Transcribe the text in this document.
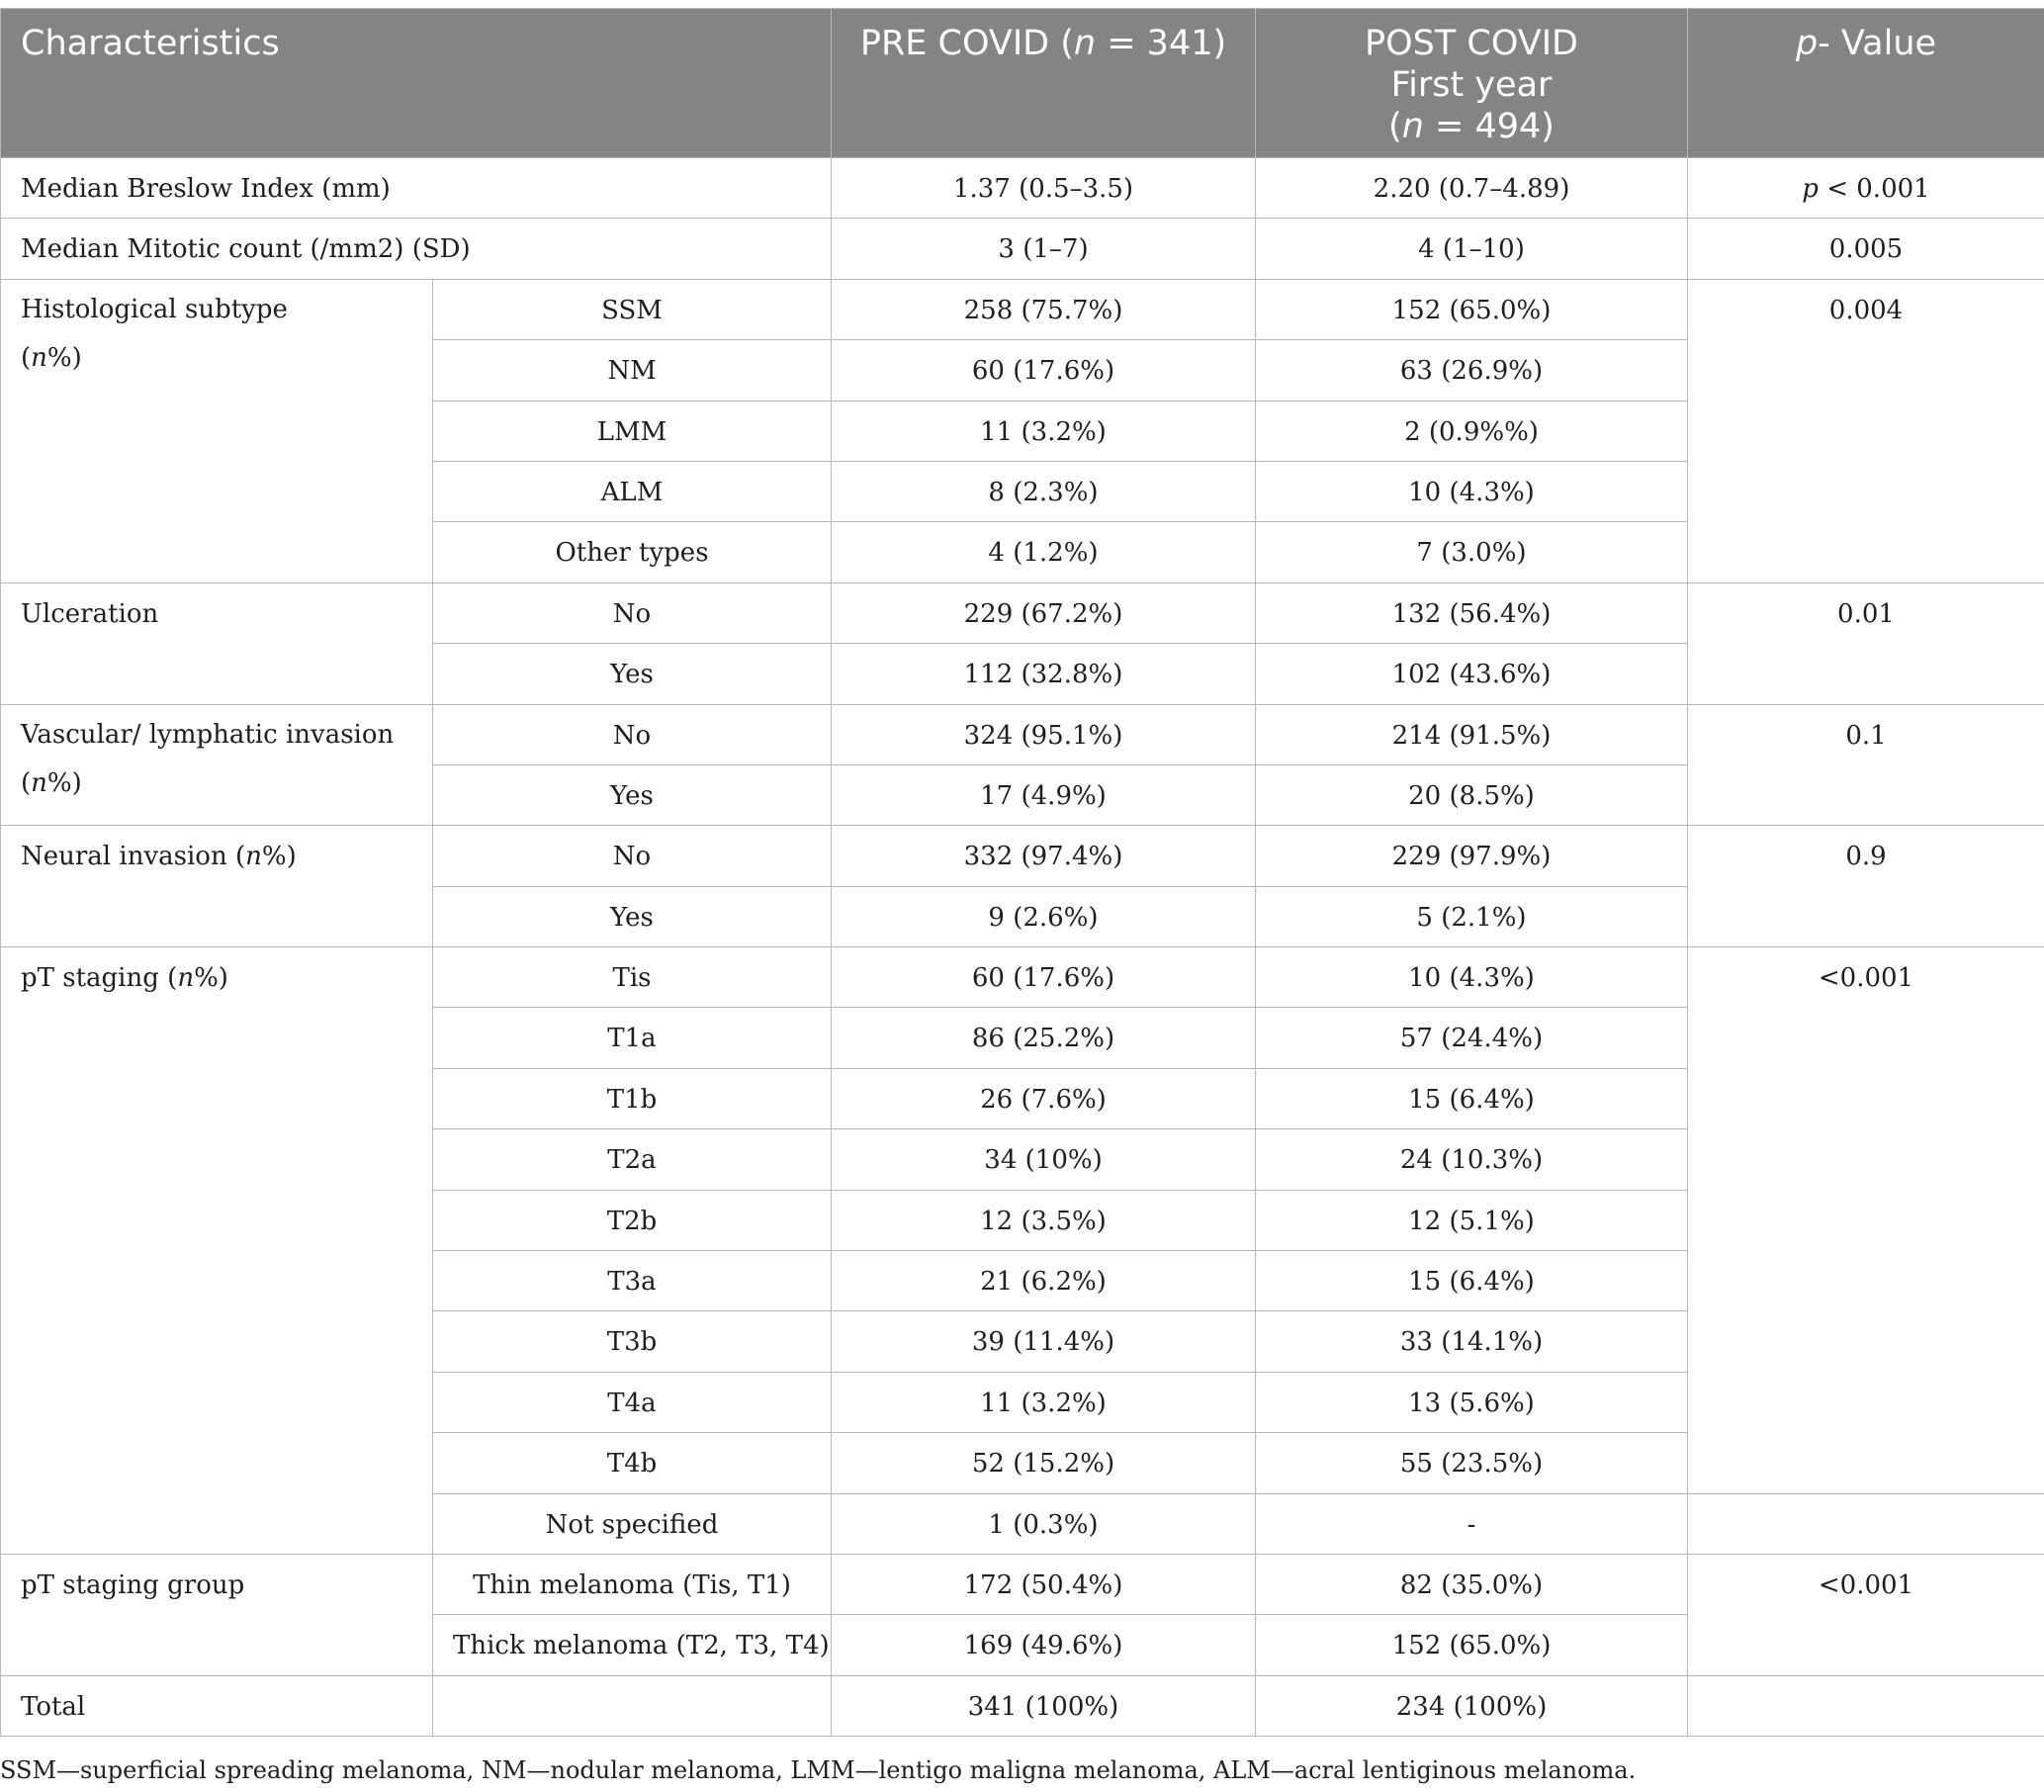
Characteristics		PRE COVID (n = 341)	POST COVID
First year
(n = 494)	p- Value
Median Breslow Index (mm)		1.37 (0.5–3.5)	2.20 (0.7–4.89)	p < 0.001
Median Mitotic count (/mm2) (SD)		3 (1–7)	4 (1–10)	0.005
Histological subtype
(n%)	SSM	258 (75.7%)	152 (65.0%)	0.004
	NM	60 (17.6%)	63 (26.9%)	
	LMM	11 (3.2%)	2 (0.9%%)	
	ALM	8 (2.3%)	10 (4.3%)	
	Other types	4 (1.2%)	7 (3.0%)	
Ulceration	No	229 (67.2%)	132 (56.4%)	0.01
	Yes	112 (32.8%)	102 (43.6%)	
Vascular/ lymphatic invasion
(n%)	No	324 (95.1%)	214 (91.5%)	0.1
	Yes	17 (4.9%)	20 (8.5%)	
Neural invasion (n%)	No	332 (97.4%)	229 (97.9%)	0.9
	Yes	9 (2.6%)	5 (2.1%)	
pT staging (n%)	Tis	60 (17.6%)	10 (4.3%)	<0.001
	T1a	86 (25.2%)	57 (24.4%)	
	T1b	26 (7.6%)	15 (6.4%)	
	T2a	34 (10%)	24 (10.3%)	
	T2b	12 (3.5%)	12 (5.1%)	
	T3a	21 (6.2%)	15 (6.4%)	
	T3b	39 (11.4%)	33 (14.1%)	
	T4a	11 (3.2%)	13 (5.6%)	
	T4b	52 (15.2%)	55 (23.5%)	
	Not specified	1 (0.3%)	-	
pT staging group	Thin melanoma (Tis, T1)	172 (50.4%)	82 (35.0%)	<0.001
	Thick melanoma (T2, T3, T4)	169 (49.6%)	152 (65.0%)	
Total		341 (100%)	234 (100%)	
SSM—superficial spreading melanoma, NM—nodular melanoma, LMM—lentigo maligna melanoma, ALM—acral lentiginous melanoma.
